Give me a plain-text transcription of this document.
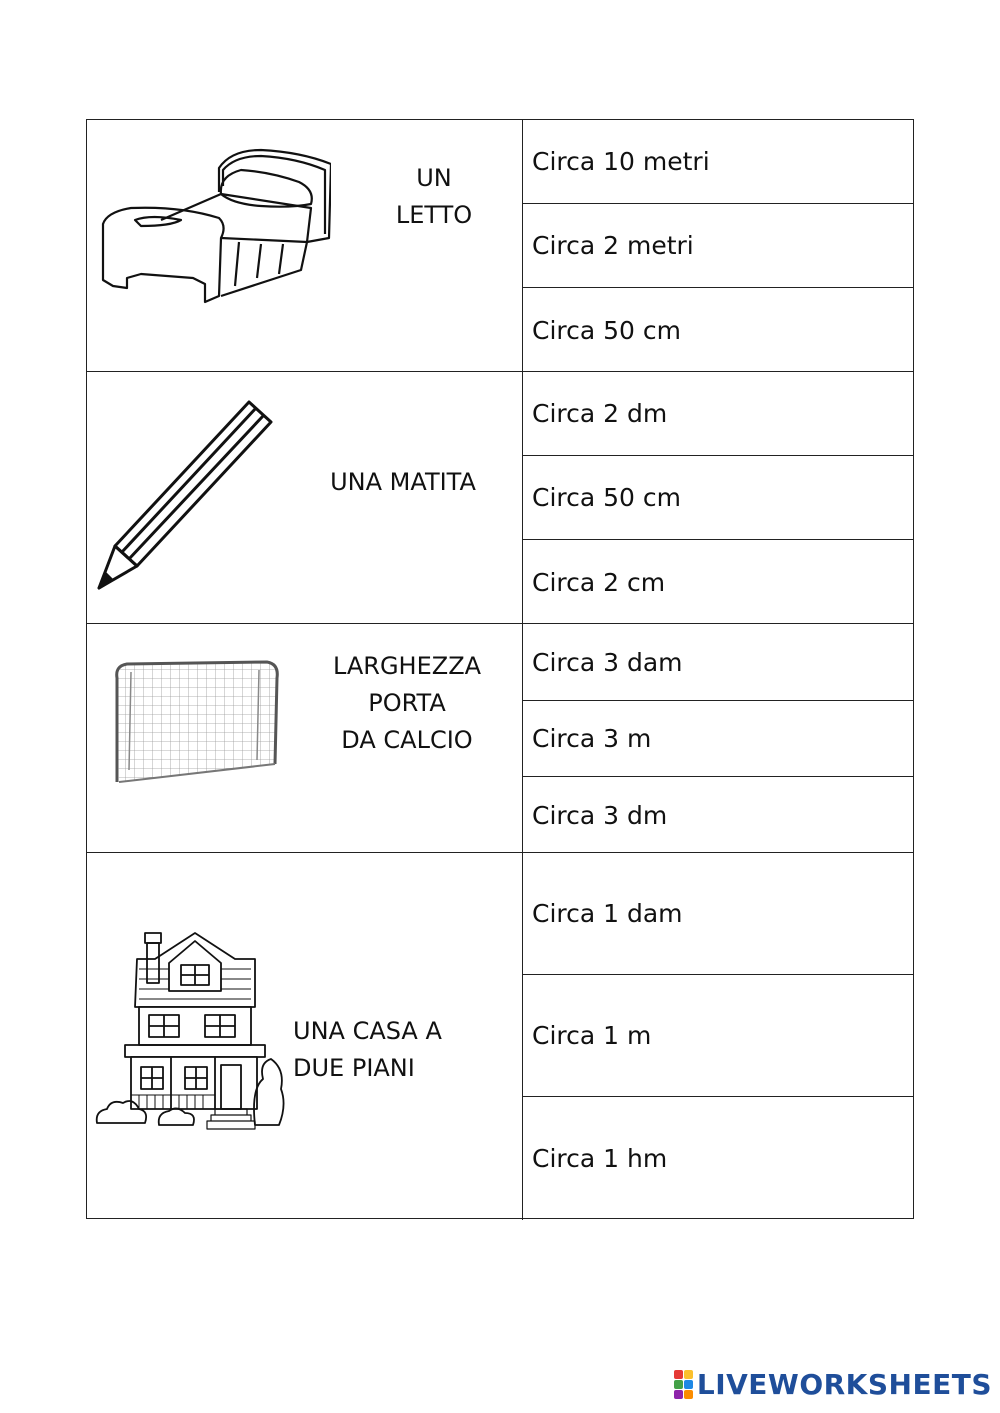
UN
LETTO
Circa 10 metri
Circa 2 metri
Circa 50 cm
UNA MATITA
Circa 2 dm
Circa 50 cm
Circa 2 cm
LARGHEZZA
PORTA
DA CALCIO
Circa 3 dam
Circa 3 m
Circa 3 dm
UNA CASA A
DUE PIANI
Circa 1 dam
Circa 1 m
Circa 1 hm
LIVEWORKSHEETS
